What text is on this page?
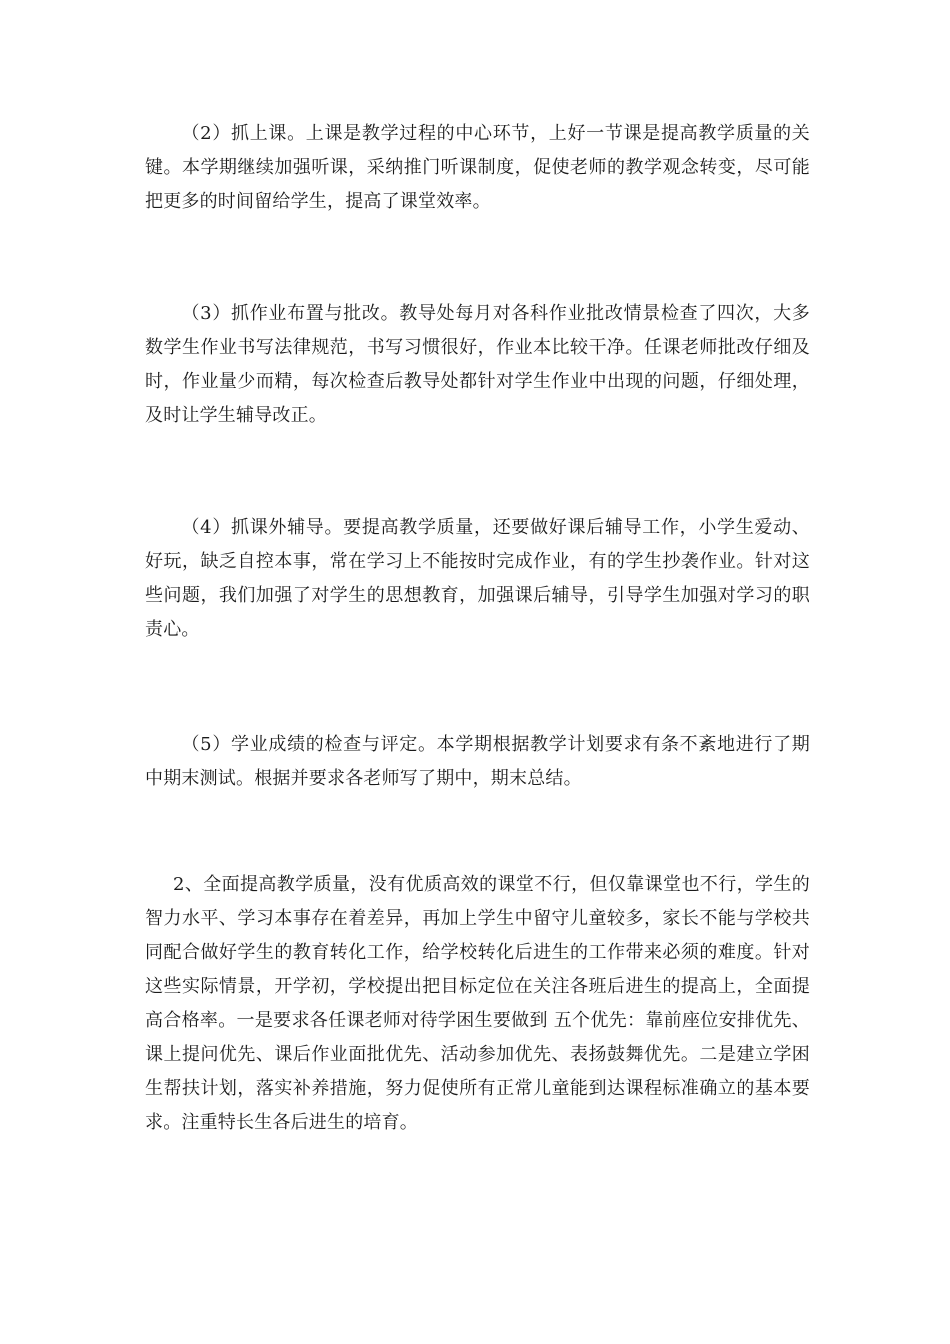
（2）抓上课。上课是教学过程的中心环节，上好一节课是提高教学质量的关键。本学期继续加强听课，采纳推门听课制度，促使老师的教学观念转变，尽可能把更多的时间留给学生，提高了课堂效率。

（3）抓作业布置与批改。教导处每月对各科作业批改情景检查了四次，大多数学生作业书写法律规范，书写习惯很好，作业本比较干净。任课老师批改仔细及时，作业量少而精，每次检查后教导处都针对学生作业中出现的问题，仔细处理，及时让学生辅导改正。

（4）抓课外辅导。要提高教学质量，还要做好课后辅导工作，小学生爱动、好玩，缺乏自控本事，常在学习上不能按时完成作业，有的学生抄袭作业。针对这些问题，我们加强了对学生的思想教育，加强课后辅导，引导学生加强对学习的职责心。

（5）学业成绩的检查与评定。本学期根据教学计划要求有条不紊地进行了期中期末测试。根据并要求各老师写了期中，期末总结。

2、全面提高教学质量，没有优质高效的课堂不行，但仅靠课堂也不行，学生的智力水平、学习本事存在着差异，再加上学生中留守儿童较多，家长不能与学校共同配合做好学生的教育转化工作，给学校转化后进生的工作带来必须的难度。针对这些实际情景，开学初，学校提出把目标定位在关注各班后进生的提高上，全面提高合格率。一是要求各任课老师对待学困生要做到 五个优先：靠前座位安排优先、课上提问优先、课后作业面批优先、活动参加优先、表扬鼓舞优先。二是建立学困生帮扶计划，落实补养措施，努力促使所有正常儿童能到达课程标准确立的基本要求。注重特长生各后进生的培育。
